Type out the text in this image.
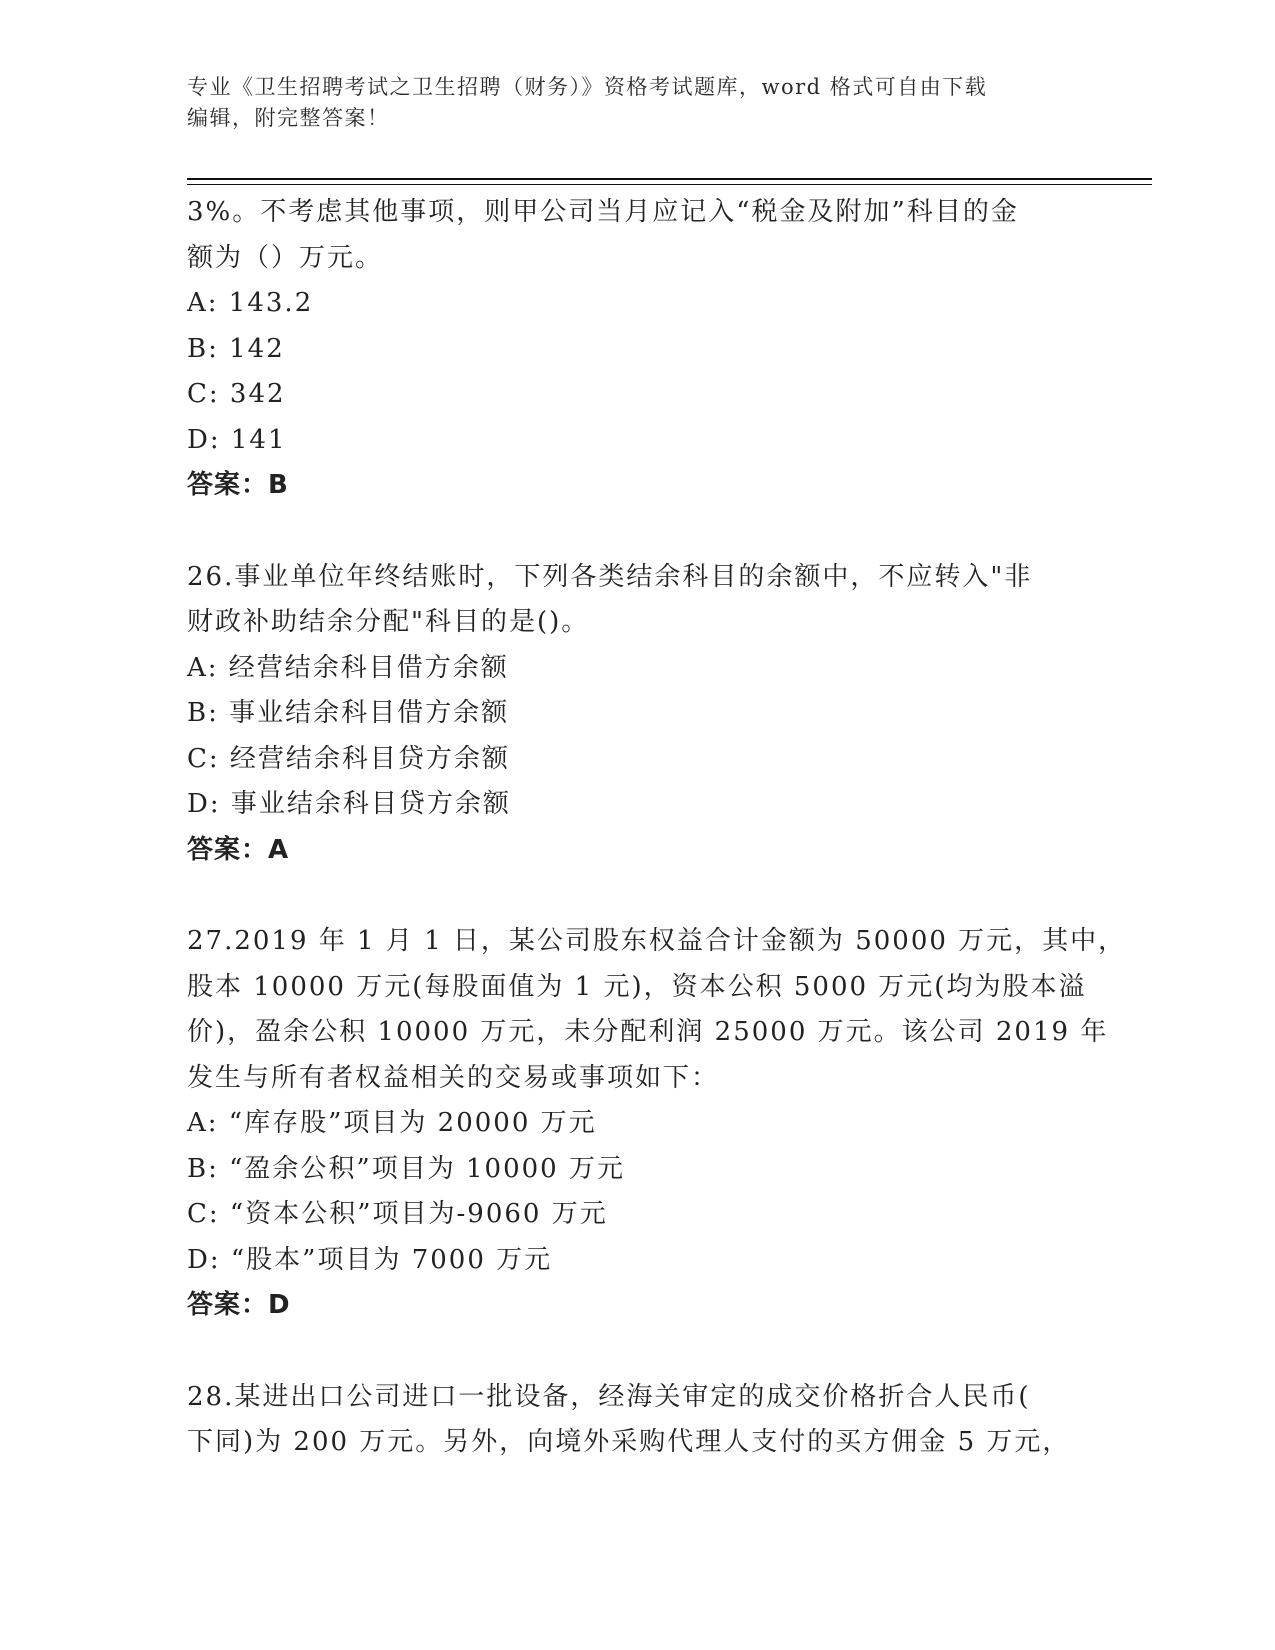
专业《卫生招聘考试之卫生招聘（财务）》资格考试题库，word 格式可自由下载
编辑，附完整答案！
3%。不考虑其他事项，则甲公司当月应记入“税金及附加”科目的金
额为（）万元。
A: 143.2
B: 142
C: 342
D: 141
答案：B
26.事业单位年终结账时，下列各类结余科目的余额中，不应转入"非
财政补助结余分配"科目的是()。
A: 经营结余科目借方余额
B: 事业结余科目借方余额
C: 经营结余科目贷方余额
D: 事业结余科目贷方余额
答案：A
27.2019 年 1 月 1 日，某公司股东权益合计金额为 50000 万元，其中，
股本 10000 万元(每股面值为 1 元)，资本公积 5000 万元(均为股本溢
价)，盈余公积 10000 万元，未分配利润 25000 万元。该公司 2019 年
发生与所有者权益相关的交易或事项如下：
A: “库存股”项目为 20000 万元
B: “盈余公积”项目为 10000 万元
C: “资本公积”项目为-9060 万元
D: “股本”项目为 7000 万元
答案：D
28.某进出口公司进口一批设备，经海关审定的成交价格折合人民币(
下同)为 200 万元。另外，向境外采购代理人支付的买方佣金 5 万元，
